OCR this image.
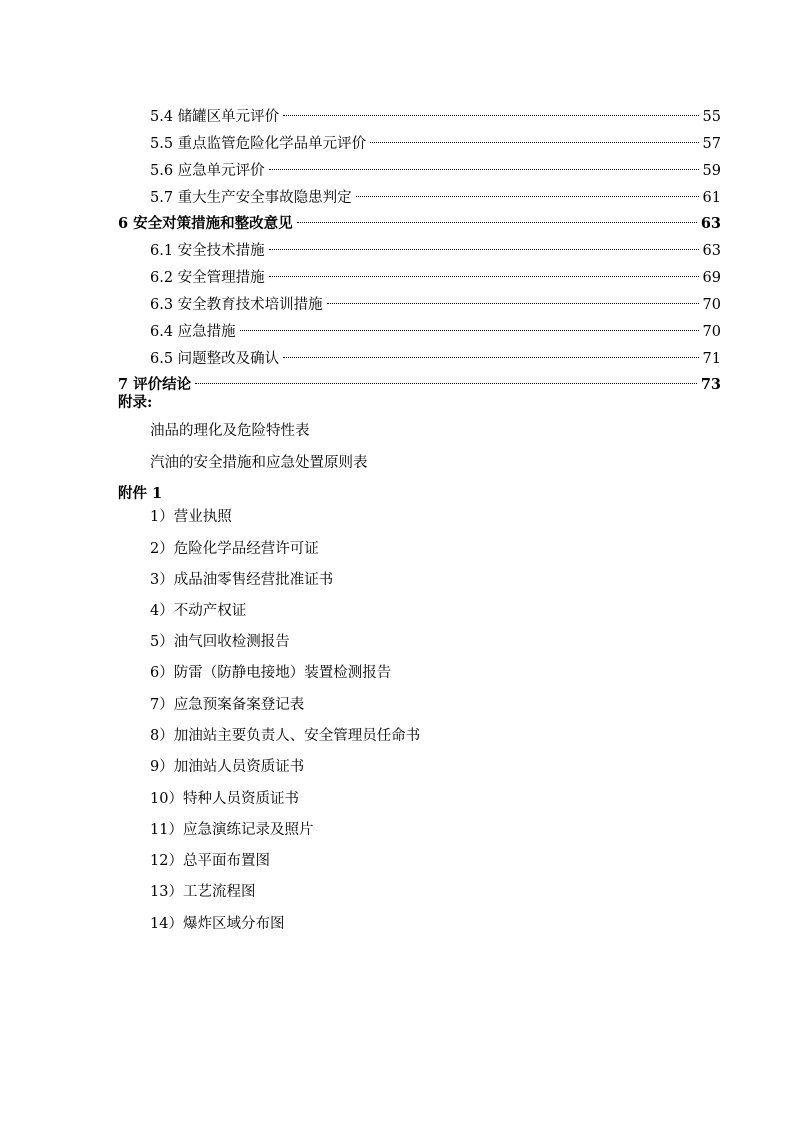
5.4 储罐区单元评价	55
5.5 重点监管危险化学品单元评价	57
5.6 应急单元评价	59
5.7 重大生产安全事故隐患判定	61
6 安全对策措施和整改意见	63
6.1 安全技术措施	63
6.2 安全管理措施	69
6.3 安全教育技术培训措施	70
6.4 应急措施	70
6.5 问题整改及确认	71
7 评价结论	73
附录:
油品的理化及危险特性表
汽油的安全措施和应急处置原则表
附件 1
1）营业执照
2）危险化学品经营许可证
3）成品油零售经营批准证书
4）不动产权证
5）油气回收检测报告
6）防雷（防静电接地）装置检测报告
7）应急预案备案登记表
8）加油站主要负责人、安全管理员任命书
9）加油站人员资质证书
10）特种人员资质证书
11）应急演练记录及照片
12）总平面布置图
13）工艺流程图
14）爆炸区域分布图
